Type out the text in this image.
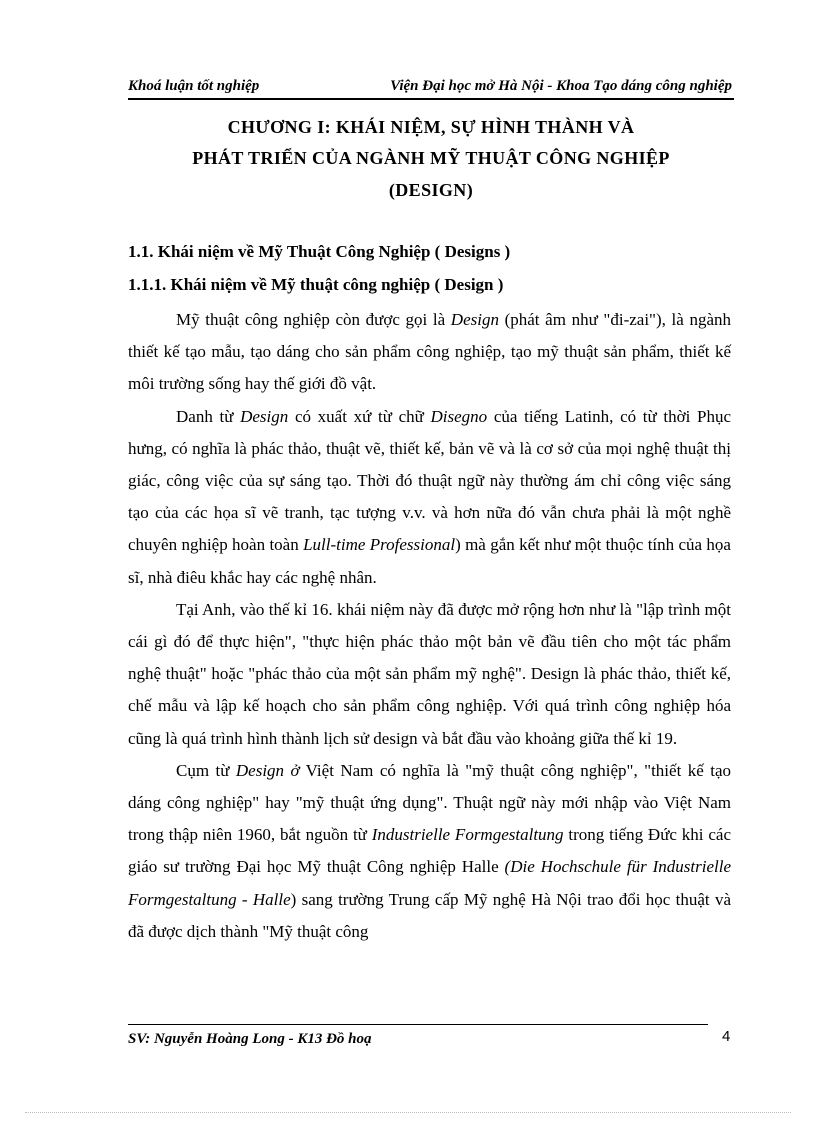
Khoá luận tốt nghiệp	Viện Đại học mở Hà Nội - Khoa Tạo dáng công nghiệp
CHƯƠNG I: KHÁI NIỆM, SỰ HÌNH THÀNH VÀ
PHÁT TRIỂN CỦA NGÀNH MỸ THUẬT CÔNG NGHIỆP
(DESIGN)
1.1. Khái niệm về Mỹ Thuật Công Nghiệp ( Designs )
1.1.1. Khái niệm về Mỹ thuật công nghiệp ( Design )

Mỹ thuật công nghiệp còn được gọi là Design (phát âm như "đi-zai"), là ngành thiết kế tạo mẫu, tạo dáng cho sản phẩm công nghiệp, tạo mỹ thuật sản phẩm, thiết kế môi trường sống hay thế giới đồ vật.

Danh từ Design có xuất xứ từ chữ Disegno của tiếng Latinh, có từ thời Phục hưng, có nghĩa là phác thảo, thuật vẽ, thiết kế, bản vẽ và là cơ sở của mọi nghệ thuật thị giác, công việc của sự sáng tạo. Thời đó thuật ngữ này thường ám chỉ công việc sáng tạo của các họa sĩ vẽ tranh, tạc tượng v.v. và hơn nữa đó vẫn chưa phải là một nghề chuyên nghiệp hoàn toàn Lull-time Professional) mà gắn kết như một thuộc tính của họa sĩ, nhà điêu khắc hay các nghệ nhân.

Tại Anh, vào thế kỉ 16. khái niệm này đã được mở rộng hơn như là "lập trình một cái gì đó để thực hiện", "thực hiện phác thảo một bản vẽ đầu tiên cho một tác phẩm nghệ thuật" hoặc "phác thảo của một sản phẩm mỹ nghệ". Design là phác thảo, thiết kế, chế mẫu và lập kế hoạch cho sản phẩm công nghiệp. Với quá trình công nghiệp hóa cũng là quá trình hình thành lịch sử design và bắt đầu vào khoảng giữa thế kỉ 19.

Cụm từ Design ở Việt Nam có nghĩa là "mỹ thuật công nghiệp", "thiết kế tạo dáng công nghiệp" hay "mỹ thuật ứng dụng". Thuật ngữ này mới nhập vào Việt Nam trong thập niên 1960, bắt nguồn từ Industrielle Formgestaltung trong tiếng Đức khi các giáo sư trường Đại học Mỹ thuật Công nghiệp Halle (Die Hochschule für Industrielle Formgestaltung - Halle) sang trường Trung cấp Mỹ nghệ Hà Nội trao đổi học thuật và đã được dịch thành "Mỹ thuật công

SV: Nguyễn Hoàng Long - K13 Đồ hoạ	4
